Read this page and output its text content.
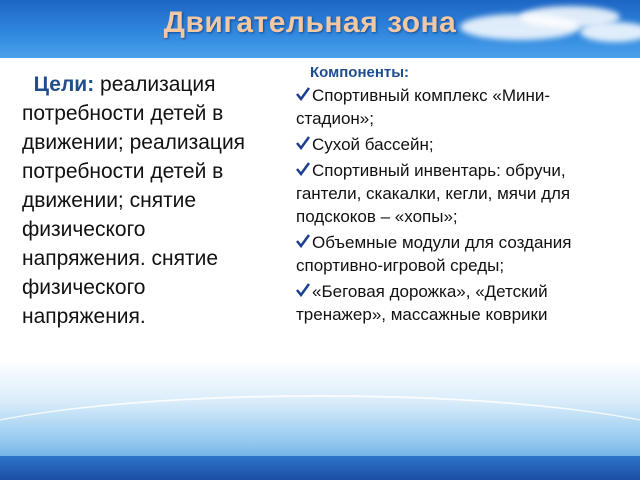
Двигательная зона
Цели: реализация потребности детей в движении; реализация потребности детей в движении; снятие физического напряжения. снятие физического напряжения.
Компоненты:
Спортивный комплекс «Мини- стадион»;
Сухой бассейн;
Спортивный инвентарь: обручи, гантели, скакалки, кегли, мячи для подскоков – «хопы»;
Объемные модули для создания спортивно-игровой среды;
«Беговая дорожка», «Детский тренажер», массажные коврики
